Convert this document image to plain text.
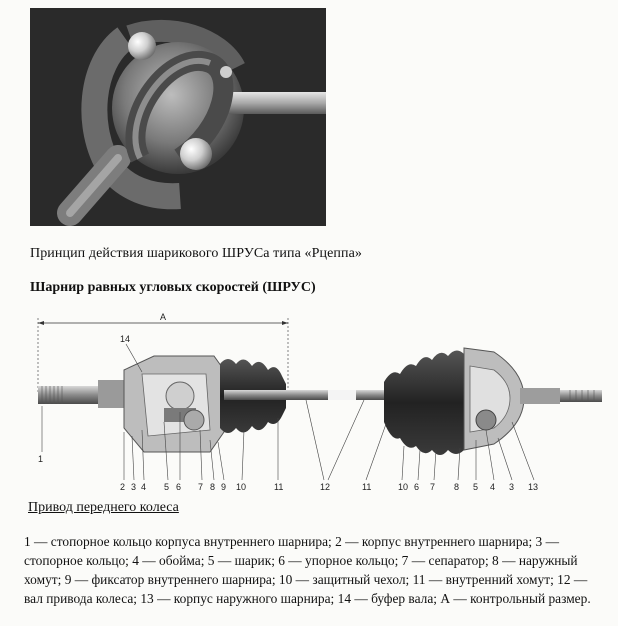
Принцип действия шарикового ШРУСа типа «Рцеппа»
Шарнир равных угловых скоростей (ШРУС)
A
14
1
2 3 4 5 6 7 8 9 10	11	12	11	10 6 7 8 5 4 3 13
Привод переднего колеса
1 — стопорное кольцо корпуса внутреннего шарнира; 2 — корпус внутреннего шарнира; 3 — стопорное кольцо; 4 — обойма; 5 — шарик; 6 — упорное кольцо; 7 — сепаратор; 8 — наружный хомут; 9 — фиксатор внутреннего шарнира; 10 — защитный чехол; 11 — внутренний хомут; 12 — вал привода колеса; 13 — корпус наружного шарнира; 14 — буфер вала; А — контрольный размер.
